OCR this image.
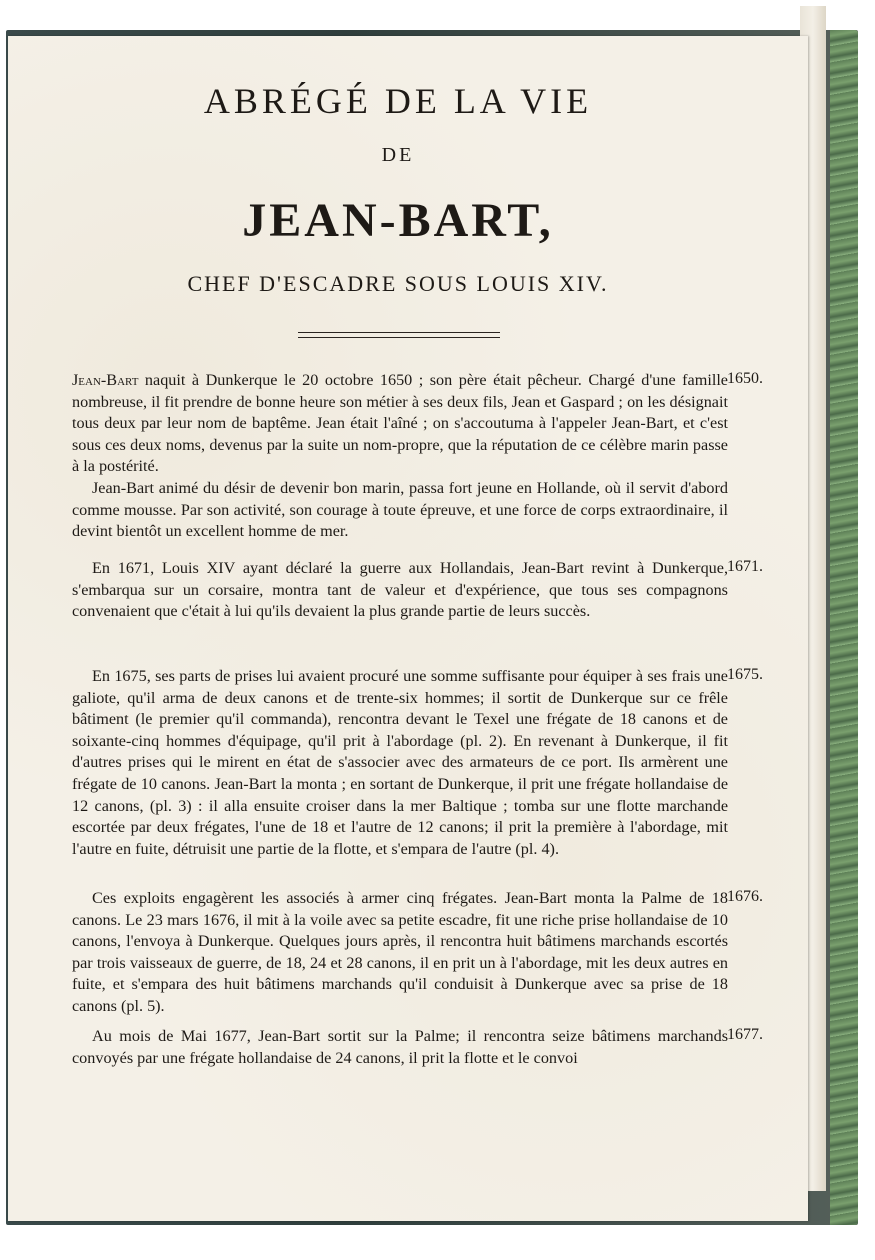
ABRÉGÉ DE LA VIE
DE
JEAN-BART,
CHEF D'ESCADRE SOUS LOUIS XIV.

Jean-Bart naquit à Dunkerque le 20 octobre 1650 ; son père était pêcheur. Chargé d'une famille nombreuse, il fit prendre de bonne heure son métier à ses deux fils, Jean et Gaspard ; on les désignait tous deux par leur nom de baptême. Jean était l'aîné ; on s'accoutuma à l'appeler Jean-Bart, et c'est sous ces deux noms, devenus par la suite un nom-propre, que la réputation de ce célèbre marin passe à la postérité.

Jean-Bart animé du désir de devenir bon marin, passa fort jeune en Hollande, où il servit d'abord comme mousse. Par son activité, son courage à toute épreuve, et une force de corps extraordinaire, il devint bientôt un excellent homme de mer.

En 1671, Louis XIV ayant déclaré la guerre aux Hollandais, Jean-Bart revint à Dunkerque, s'embarqua sur un corsaire, montra tant de valeur et d'expérience, que tous ses compagnons convenaient que c'était à lui qu'ils devaient la plus grande partie de leurs succès.

En 1675, ses parts de prises lui avaient procuré une somme suffisante pour équiper à ses frais une galiote, qu'il arma de deux canons et de trente-six hommes; il sortit de Dunkerque sur ce frêle bâtiment (le premier qu'il commanda), rencontra devant le Texel une frégate de 18 canons et de soixante-cinq hommes d'équipage, qu'il prit à l'abordage (pl. 2). En revenant à Dunkerque, il fit d'autres prises qui le mirent en état de s'associer avec des armateurs de ce port. Ils armèrent une frégate de 10 canons. Jean-Bart la monta ; en sortant de Dunkerque, il prit une frégate hollandaise de 12 canons, (pl. 3) : il alla ensuite croiser dans la mer Baltique ; tomba sur une flotte marchande escortée par deux frégates, l'une de 18 et l'autre de 12 canons; il prit la première à l'abordage, mit l'autre en fuite, détruisit une partie de la flotte, et s'empara de l'autre (pl. 4).

Ces exploits engagèrent les associés à armer cinq frégates. Jean-Bart monta la Palme de 18 canons. Le 23 mars 1676, il mit à la voile avec sa petite escadre, fit une riche prise hollandaise de 10 canons, l'envoya à Dunkerque. Quelques jours après, il rencontra huit bâtimens marchands escortés par trois vaisseaux de guerre, de 18, 24 et 28 canons, il en prit un à l'abordage, mit les deux autres en fuite, et s'empara des huit bâtimens marchands qu'il conduisit à Dunkerque avec sa prise de 18 canons (pl. 5).

Au mois de Mai 1677, Jean-Bart sortit sur la Palme; il rencontra seize bâtimens marchands convoyés par une frégate hollandaise de 24 canons, il prit la flotte et le convoi

1650.
1671.
1675.
1676.
1677.
